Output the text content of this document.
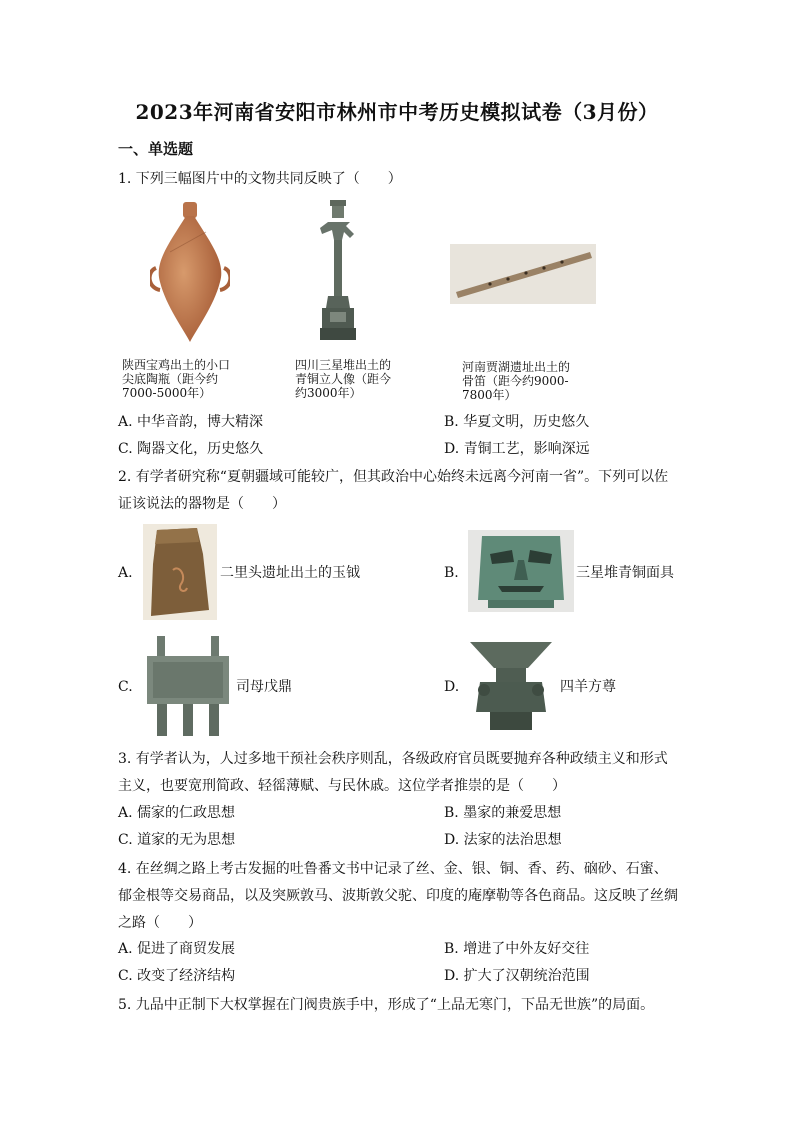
2023年河南省安阳市林州市中考历史模拟试卷（3月份）
一、单选题
1. 下列三幅图片中的文物共同反映了（　　）
陕西宝鸡出土的小口
尖底陶瓶（距今约
7000-5000年）
四川三星堆出土的
青铜立人像（距今
约3000年）
河南贾湖遗址出土的
骨笛（距今约9000-
7800年）
A. 中华音韵，博大精深	B. 华夏文明，历史悠久
C. 陶器文化，历史悠久	D. 青铜工艺，影响深远
2. 有学者研究称“夏朝疆域可能较广，但其政治中心始终未远离今河南一省”。下列可以佐
证该说法的器物是（　　）
A.	二里头遗址出土的玉钺	B.	三星堆青铜面具
C.	司母戊鼎	D.	四羊方尊
3. 有学者认为，人过多地干预社会秩序则乱，各级政府官员既要抛弃各种政绩主义和形式
主义，也要宽刑简政、轻徭薄赋、与民休戚。这位学者推崇的是（　　）
A. 儒家的仁政思想	B. 墨家的兼爱思想
C. 道家的无为思想	D. 法家的法治思想
4. 在丝绸之路上考古发掘的吐鲁番文书中记录了丝、金、银、铜、香、药、硇砂、石蜜、
郁金根等交易商品，以及突厥敦马、波斯敦父驼、印度的庵摩勒等各色商品。这反映了丝绸
之路（　　）
A. 促进了商贸发展	B. 增进了中外友好交往
C. 改变了经济结构	D. 扩大了汉朝统治范围
5. 九品中正制下大权掌握在门阀贵族手中，形成了“上品无寒门，下品无世族”的局面。
